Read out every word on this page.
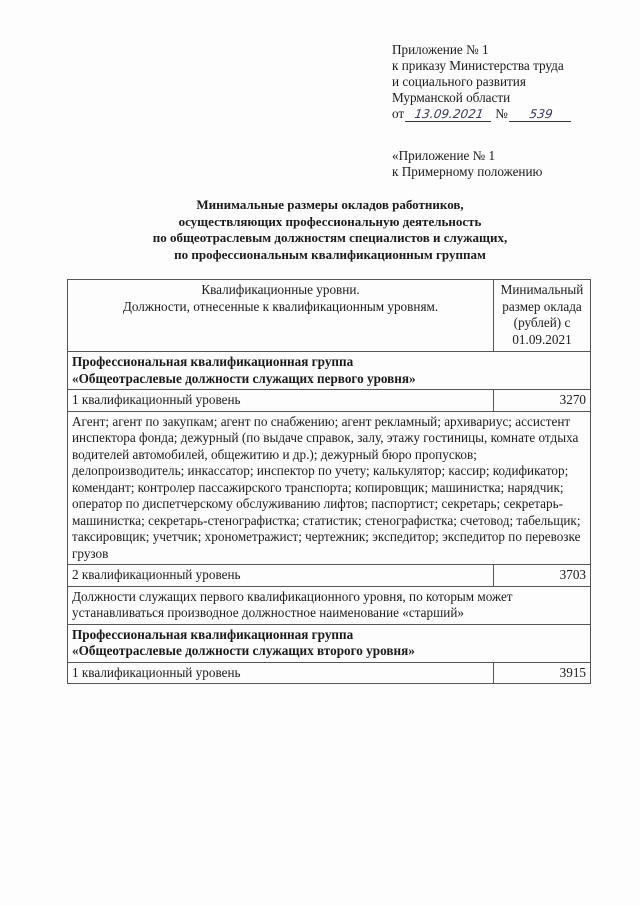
Приложение № 1
к приказу Министерства труда
и социального развития
Мурманской области
от 13.09.2021 №	539
«Приложение № 1
к Примерному положению
Минимальные размеры окладов работников,
осуществляющих профессиональную деятельность
по общеотраслевым должностям специалистов и служащих,
по профессиональным квалификационным группам
Квалификационные уровни.
Должности, отнесенные к квалификационным уровням.	Минимальный размер оклада (рублей) с 01.09.2021

Профессиональная квалификационная группа
«Общеотраслевые должности служащих первого уровня»	

1 квалификационный уровень	3270
Агент; агент по закупкам; агент по снабжению; агент рекламный; архивариус; ассистент инспектора фонда; дежурный (по выдаче справок, залу, этажу гостиницы, комнате отдыха водителей автомобилей, общежитию и др.); дежурный бюро пропусков; делопроизводитель; инкассатор; инспектор по учету; калькулятор; кассир; кодификатор; комендант; контролер пассажирского транспорта; копировщик; машинистка; нарядчик; оператор по диспетчерскому обслуживанию лифтов; паспортист; секретарь; секретарь-машинистка; секретарь-стенографистка; статистик; стенографистка; счетовод; табельщик; таксировщик; учетчик; хронометражист; чертежник; экспедитор; экспедитор по перевозке грузов	
2 квалификационный уровень	3703
Должности служащих первого квалификационного уровня, по которым может устанавливаться производное должностное наименование «старший»	

Профессиональная квалификационная группа
«Общеотраслевые должности служащих второго уровня»	

1 квалификационный уровень	3915
